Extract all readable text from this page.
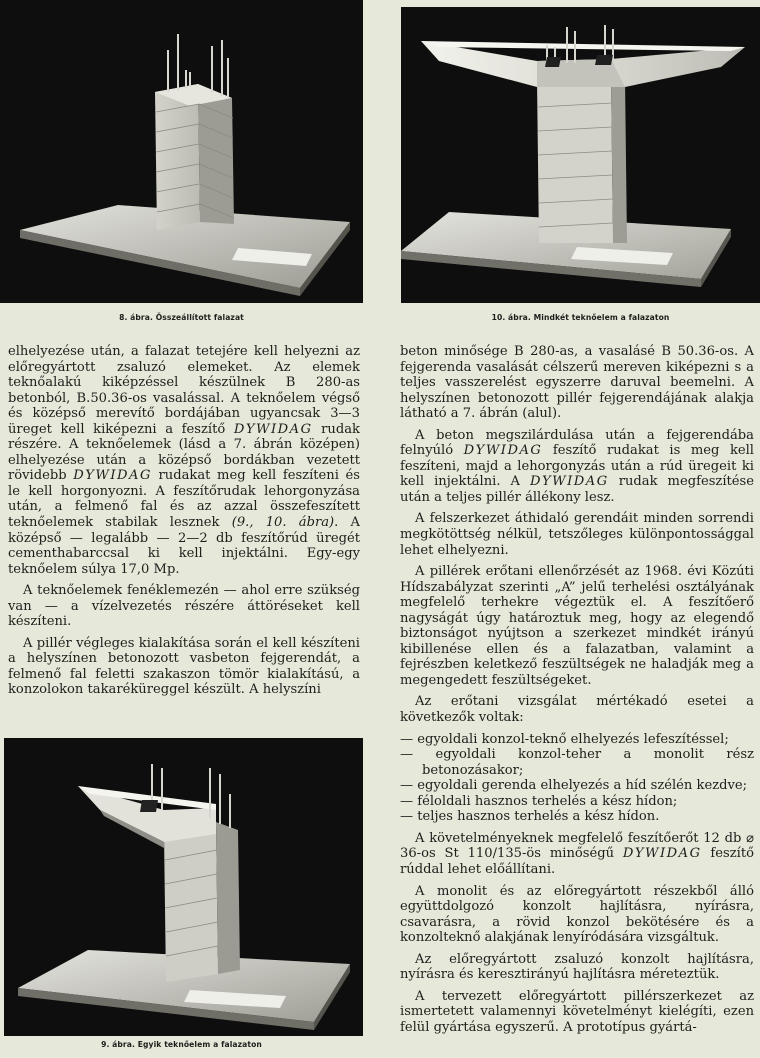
8. ábra. Összeállított falazat	10. ábra. Mindkét teknőelem a falazaton
9. ábra. Egyik teknőelem a falazaton

elhelyezése után, a falazat tetejére kell helyezni az előregyártott zsaluzó elemeket. Az elemek teknőalakú kiképzéssel készülnek B 280-as betonból, B.50.36-os vasalással. A teknőelem végső és középső merevítő bordájában ugyancsak 3—3 üreget kell kiképezni a feszítő DYWIDAG rudak részére. A teknőelemek (lásd a 7. ábrán középen) elhelyezése után a középső bordákban vezetett rövidebb DYWIDAG rudakat meg kell feszíteni és le kell horgonyozni. A feszítőrudak lehorgonyzása után, a felmenő fal és az azzal összefeszített teknőelemek stabilak lesznek (9., 10. ábra). A középső — legalább — 2—2 db feszítőrúd üregét cementhabarccsal ki kell injektálni. Egy-egy teknőelem súlya 17,0 Mp.

A teknőelemek fenéklemezén — ahol erre szükség van — a vízelvezetés részére áttöréseket kell készíteni.

A pillér végleges kialakítása során el kell készíteni a helyszínen betonozott vasbeton fejgerendát, a felmenő fal feletti szakaszon tömör kialakítású, a konzolokon takaréküreggel készült. A helyszíni

beton minősége B 280-as, a vasalásé B 50.36-os. A fejgerenda vasalását célszerű mereven kiképezni s a teljes vasszerelést egyszerre daruval beemelni. A helyszínen betonozott pillér fejgerendájának alakja látható a 7. ábrán (alul).

A beton megszilárdulása után a fejgerendába felnyúló DYWIDAG feszítő rudakat is meg kell feszíteni, majd a lehorgonyzás után a rúd üregeit ki kell injektálni. A DYWIDAG rudak megfeszítése után a teljes pillér állékony lesz.

A felszerkezet áthidaló gerendáit minden sorrendi megkötöttség nélkül, tetszőleges különpontossággal lehet elhelyezni.

A pillérek erőtani ellenőrzését az 1968. évi Közúti Hídszabályzat szerinti „A” jelű terhelési osztályának megfelelő terhekre végeztük el. A feszítőerő nagyságát úgy határoztuk meg, hogy az elegendő biztonságot nyújtson a szerkezet mindkét irányú kibillenése ellen és a falazatban, valamint a fejrészben keletkező feszültségek ne haladják meg a megengedett feszültségeket.

Az erőtani vizsgálat mértékadó esetei a következők voltak:

— egyoldali konzol-teknő elhelyezés lefeszítéssel;
— egyoldali konzol-teher a monolit rész betonozásakor;
— egyoldali gerenda elhelyezés a híd szélén kezdve;
— féloldali hasznos terhelés a kész hídon;
— teljes hasznos terhelés a kész hídon.

A követelményeknek megfelelő feszítőerőt 12 db ⌀ 36-os St 110/135-ös minőségű DYWIDAG feszítő rúddal lehet előállítani.

A monolit és az előregyártott részekből álló együttdolgozó konzolt hajlításra, nyírásra, csavarásra, a rövid konzol bekötésére és a konzolteknő alakjának lenyíródására vizsgáltuk.

Az előregyártott zsaluzó konzolt hajlításra, nyírásra és keresztirányú hajlításra méreteztük.

A tervezett előregyártott pillérszerkezet az ismertetett valamennyi követelményt kielégíti, ezen felül gyártása egyszerű. A prototípus gyártá-
